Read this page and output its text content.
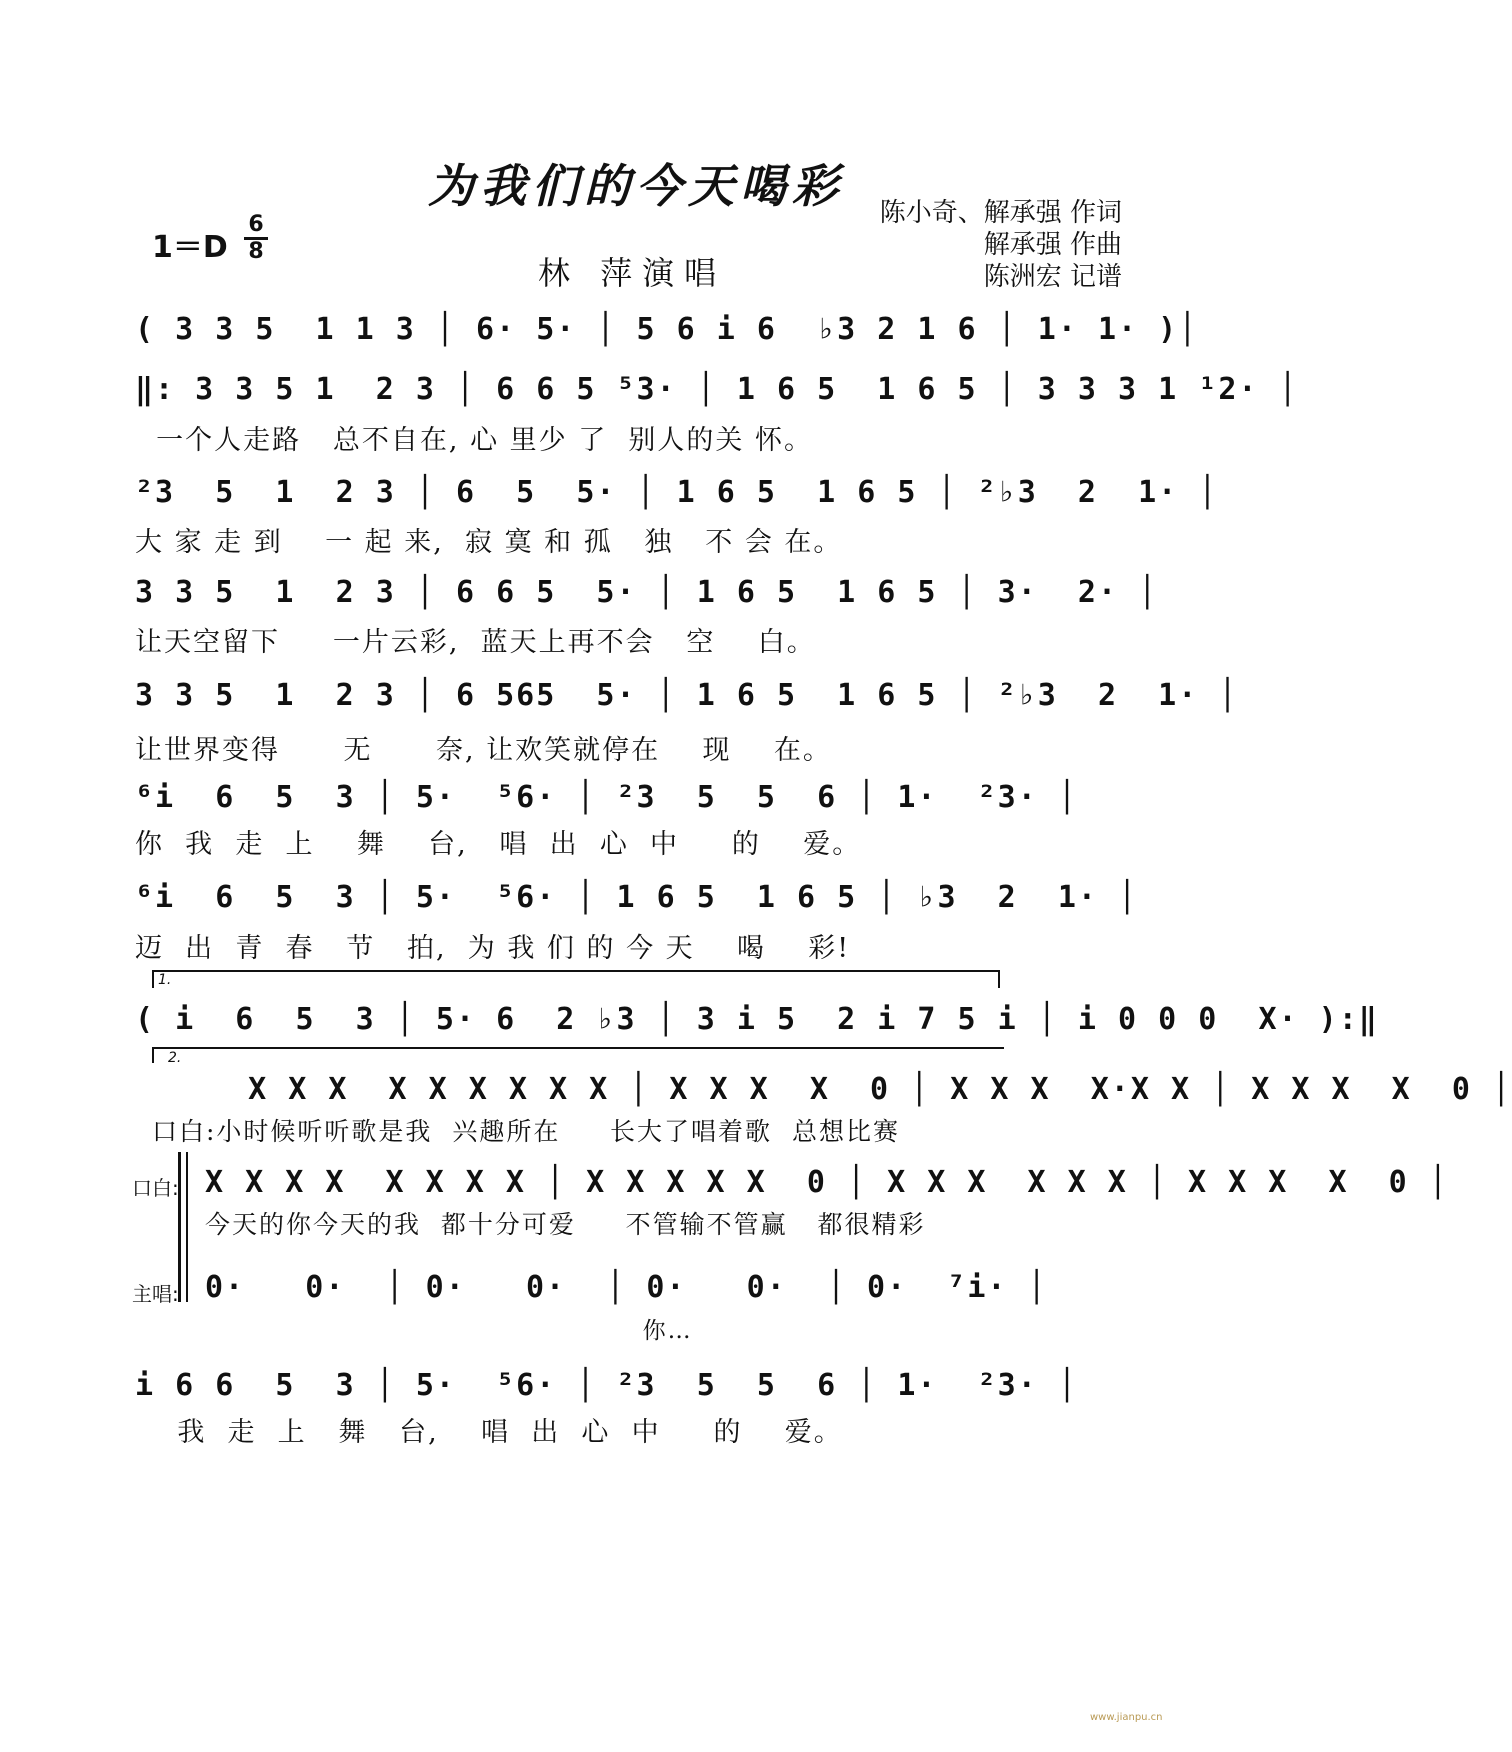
为我们的今天喝彩
1＝D
6
8
林 萍演唱
陈小奇、解承强 作词
解承强 作曲
陈洲宏 记谱
( 3 3 5  1 1 3 │ 6· 5· │ 5 6 i 6  ♭3 2 1 6 │ 1· 1· )│
‖: 3 3 5 1  2 3 │ 6 6 5 ⁵3· │ 1 6 5  1 6 5 │ 3 3 3 1 ¹2· │
一个人走路   总不自在, 心 里少 了  别人的关 怀。
²3  5  1  2 3 │ 6  5  5· │ 1 6 5  1 6 5 │ ²♭3  2  1· │
大 家 走 到    一 起 来,  寂 寞 和 孤   独   不 会 在。
3 3 5  1  2 3 │ 6 6 5  5· │ 1 6 5  1 6 5 │ 3·  2· │
让天空留下     一片云彩,  蓝天上再不会   空    白。
3 3 5  1  2 3 │ 6 565  5· │ 1 6 5  1 6 5 │ ²♭3  2  1· │
让世界变得      无      奈, 让欢笑就停在    现    在。
⁶i  6  5  3 │ 5·  ⁵6· │ ²3  5  5  6 │ 1·  ²3· │
你  我  走  上    舞    台,   唱  出  心  中     的    爱。
⁶i  6  5  3 │ 5·  ⁵6· │ 1 6 5  1 6 5 │ ♭3  2  1· │
迈  出  青  春   节   拍,  为 我 们 的 今 天    喝    彩!
1.
( i  6  5  3 │ 5· 6  2 ♭3 │ 3 i 5  2 i 7 5 i │ i 0 0 0  X· ):‖
2.
X X X  X X X X X X │ X X X  X  0 │ X X X  X·X X │ X X X  X  0 │
口白:小时候听听歌是我  兴趣所在     长大了唱着歌  总想比赛
口白: X X X X  X X X X │ X X X X X  0 │ X X X  X X X │ X X X  X  0 │
今天的你今天的我  都十分可爱     不管输不管赢   都很精彩
主唱: 0·   0·  │ 0·   0·  │ 0·   0·  │ 0·  ⁷i· │
你…
i 6 6  5  3 │ 5·  ⁵6· │ ²3  5  5  6 │ 1·  ²3· │
我  走  上   舞   台,    唱  出  心  中     的    爱。
www.jianpu.cn
